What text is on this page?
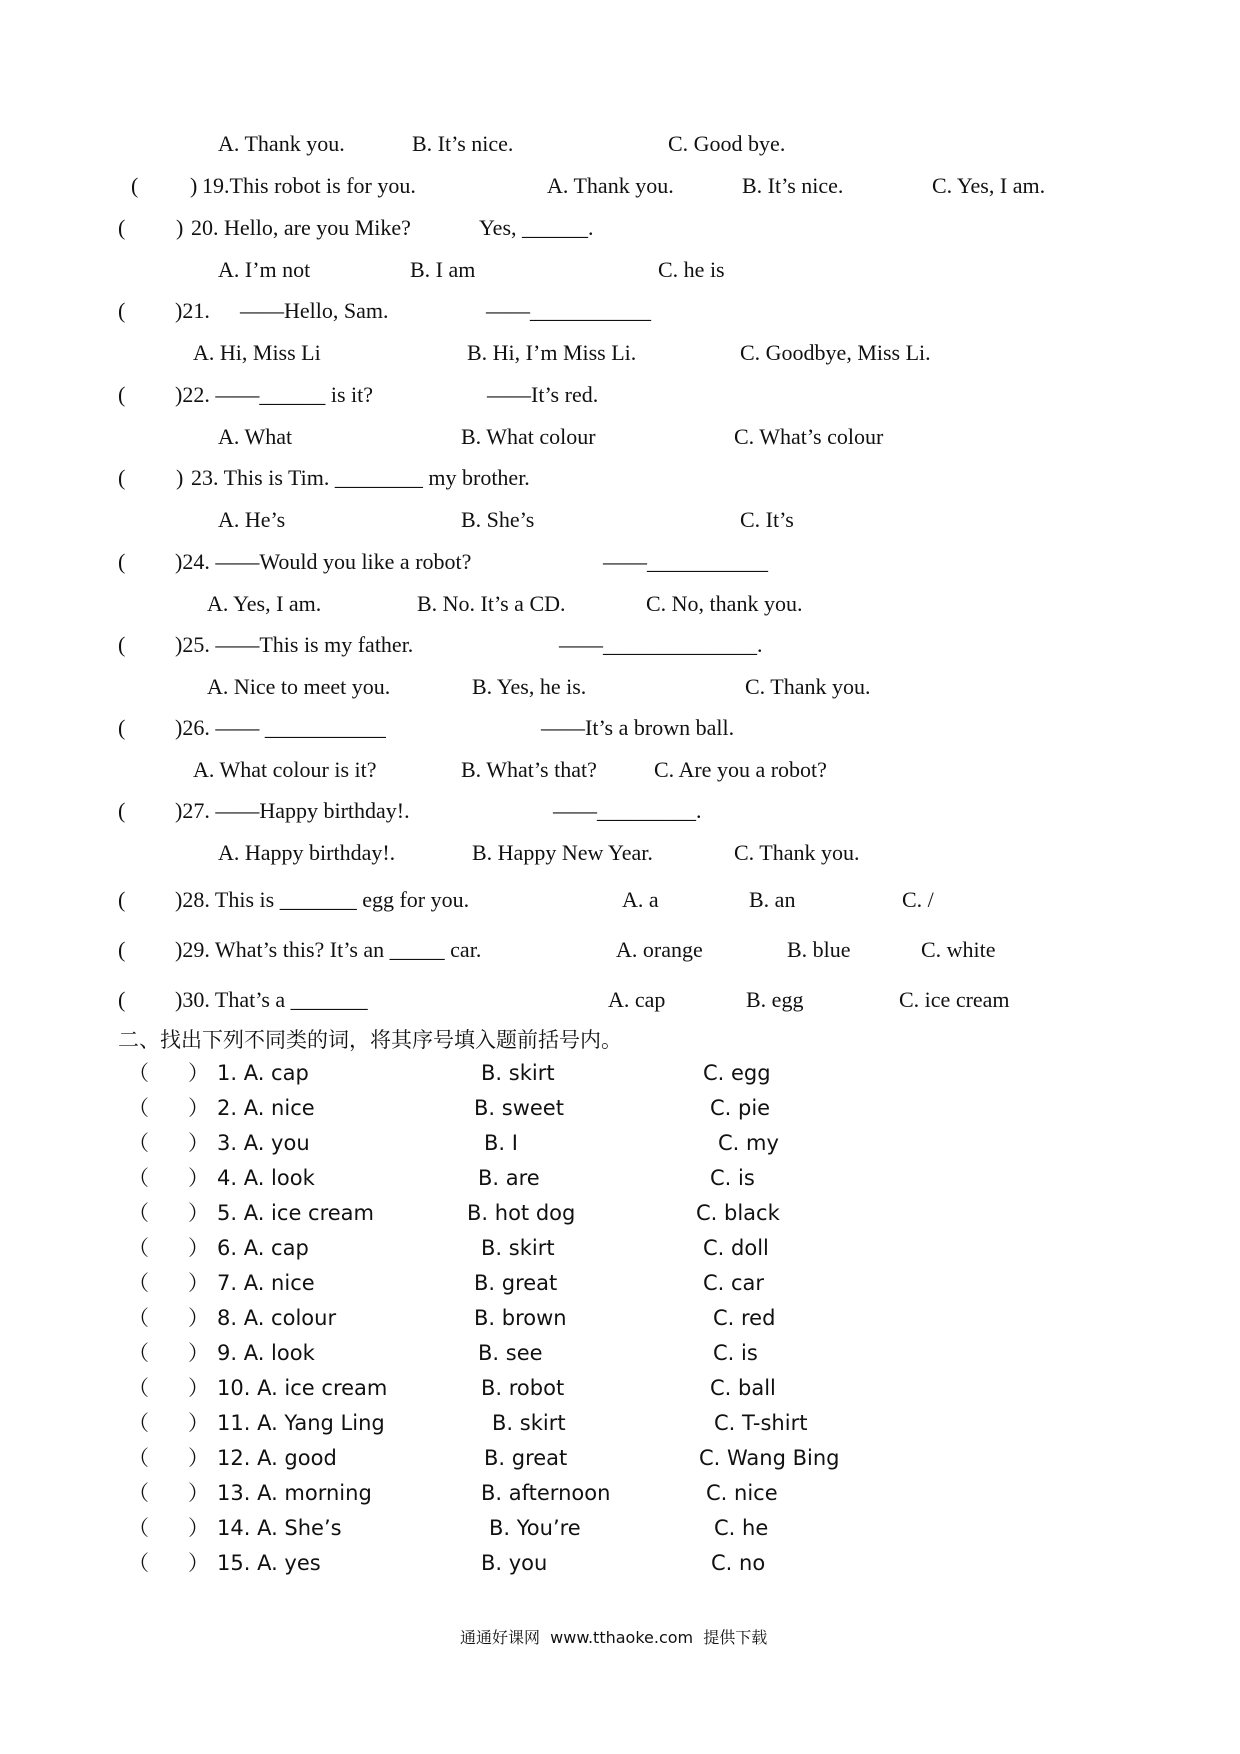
A. Thank you.	B. It’s nice.	C. Good bye.
( ) 19.This robot is for you.	A. Thank you.	B. It’s nice.	C. Yes, I am.
( ) 20. Hello, are you Mike?	Yes, ______.
A. I’m not	B. I am	C. he is
( )21. ——Hello, Sam.	——___________
A. Hi, Miss Li	B. Hi, I’m Miss Li.	C. Goodbye, Miss Li.
( )22. ——______ is it?	——It’s red.
A. What	B. What colour	C. What’s colour
( ) 23. This is Tim. ________ my brother.
A. He’s	B. She’s	C. It’s
( )24. ——Would you like a robot?	——___________
A. Yes, I am.	B. No. It’s a CD.	C. No, thank you.
( )25. ——This is my father.	——______________.
A. Nice to meet you.	B. Yes, he is.	C. Thank you.
( )26. —— ___________	——It’s a brown ball.
A. What colour is it?	B. What’s that?	C. Are you a robot?
( )27. ——Happy birthday!.	——_________.
A. Happy birthday!.	B. Happy New Year.	C. Thank you.
( )28. This is _______ egg for you.	A. a	B. an	C. /
( )29. What’s this? It’s an _____ car.	A. orange	B. blue	C. white
( )30. That’s a _______	A. cap	B. egg	C. ice cream
二、找出下列不同类的词，将其序号填入题前括号内。
（ ） 1. A. cap	B. skirt	C. egg
（ ） 2. A. nice	B. sweet	C. pie
（ ） 3. A. you	B. I	C. my
（ ） 4. A. look	B. are	C. is
（ ） 5. A. ice cream	B. hot dog	C. black
（ ） 6. A. cap	B. skirt	C. doll
（ ） 7. A. nice	B. great	C. car
（ ） 8. A. colour	B. brown	C. red
（ ） 9. A. look	B. see	C. is
（ ） 10. A. ice cream	B. robot	C. ball
（ ） 11. A. Yang Ling	B. skirt	C. T-shirt
（ ） 12. A. good	B. great	C. Wang Bing
（ ） 13. A. morning	B. afternoon	C. nice
（ ） 14. A. She’s	B. You’re	C. he
（ ） 15. A. yes	B. you	C. no
通通好课网  www.tthaoke.com  提供下载
